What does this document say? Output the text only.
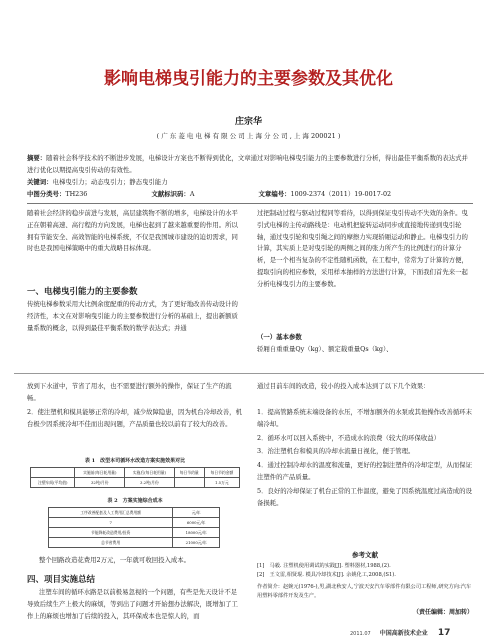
影响电梯曳引能力的主要参数及其优化
庄宗华
( 广 东 菱 电 电 梯 有 限 公 司 上 海 分 公 司 , 上 海 200021 )
摘要：随着社会科学技术的不断进步发展，电梯设计方案也不断得到优化，文章通过对影响电梯曳引能力的主要参数进行分析，得出最佳平衡系数的表达式并进行优化以期提高曳引传动的有效性。
关键词：电梯曳引力；动态曳引力；静态曳引能力
中图分类号：TH236	文献标识码：A	文章编号：1009-2374（2011）19-0017-02
随着社会经济的稳步前进与发展，高层建筑物不断的增多，电梯设计的水平正在朝着高速、高行程的方向发展，电梯也起到了越来越重要的作用。所以拥有节能安全、高效智能的电梯系统，不仅是我国城市建设的迫切需求，同时也是我国电梯策略中的重大战略目标体现。
一、电梯曳引能力的主要参数
传统电梯参数采用大比例余度配重的传动方式，为了更好地改善传动设计的经济性，本文在对影响曳引能力的主要参数进行分析的基础上，提出新额质量系数的概念，以得到最佳平衡系数的数学表达式；并通
过把制动过程与驱动过程同等看待，以得到保证曳引传动不失效的条件。曳引式电梯的主传动路线是：电动机把旋转运动同步或直接地传递到曳引轮轴，通过曳引轮和曳引绳之间的摩擦力实现轿厢运动和静止。电梯曳引力的计算，其实质上是对曳引轮的两侧之间的张力所产生的比例进行的计算分析，是一个相当复杂的不定性随机函数，在工程中，常常为了计算的方便，提取引向的相应参数，采用样本抽样的方法进行计算，下面我们首先来一起分析电梯曳引力的主要参数。
（一）基本参数
轿厢自重重量Qy（kg）、额定载重量Qs（kg）、
放到下水道中，节省了用水，也不需要进行额外的操作，保证了生产的流畅。
2．使注塑机和模具能够正常的冷却，减少故障隐患，因为机台冷却改善，机台极少因系统冷却不佳而出现问题，产品质量也较以前有了较大的改善。
表 1　改型本司循环水改造方案实施效果对比
	实施前(每日耗用量)	实施后(每日耗用量)	每日节约量	每日节约金额
注塑车间(平均值)	32吨/月份	3.2吨/月份		1.5万元
表 2　方案实施综合成本
工序改善配套及人工费用汇总费用额	元/年
7	6000元/年
节能降耗改造费用/投资	18000元/年
总节省费用	21000元/年
整个回路改造花费用2万元，一年就可收回投入成本。
四、项目实施总结
注塑车间的循环水路是以前极易忽视的一个问题，有些是先天设计不足导致后续生产上极大的麻烦，等到出了问题才开始想办法解决，既增加了工作上的麻烦也增加了后续的投入，其环保成本也是惊人的，而
通过目前车间的改造，较小的投入成本达到了以下几个效果：
1．提高管路系统末端设备的水压，不增加额外的水泵或其他操作改善循环末端冷却。
2．循环水可以回入系统中，不造成水的浪费（较大的环保收益）
3．治注塑机台和模具的冷却水流量日视化，便于管理。
4．通过控制冷却水的温度和流量，更好的控制注塑件的冷却定型，从而保证注塑件的产品质量。
5．良好的冷却保证了机台正常的工作温度，避免了因系统温度过高造成的设备损耗。
参考文献
[1]　马毅. 注塑机使用调试的实践[J]. 塑料器材,1988,(2).
[2]　王文雷,相贤琨. 模具冷却技术[J]. 余姚化工,2008,(S1).
作者简介：赵婉元(1976-),男,湖北秋安人,宁波天安汽车零部件有限公司工程师,研究方向:汽车用塑料零部件开发及生产。
（责任编辑：周加转）
2011.07 中国高新技术企业 17
